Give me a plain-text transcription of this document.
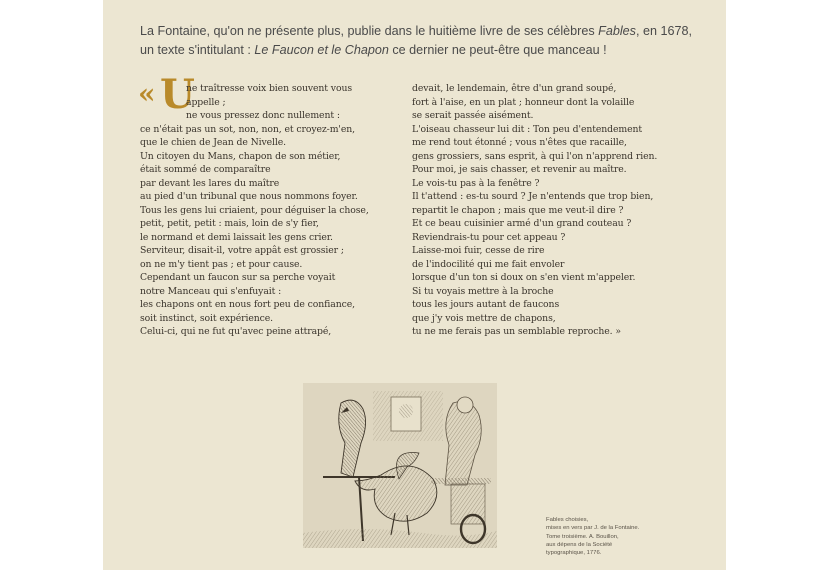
La Fontaine, qu'on ne présente plus, publie dans le huitième livre de ses célèbres Fables, en 1678, un texte s'intitulant : Le Faucon et le Chapon ce dernier ne peut-être que manceau !

« U
ne traîtresse voix bien souvent vous
appelle ;
ne vous pressez donc nullement :
ce n'était pas un sot, non, non, et croyez-m'en,
que le chien de Jean de Nivelle.
Un citoyen du Mans, chapon de son métier,
était sommé de comparaître
par devant les lares du maître
au pied d'un tribunal que nous nommons foyer.
Tous les gens lui criaient, pour déguiser la chose,
petit, petit, petit : mais, loin de s'y fier,
le normand et demi laissait les gens crier.
Serviteur, disait-il, votre appât est grossier ;
on ne m'y tient pas ; et pour cause.
Cependant un faucon sur sa perche voyait
notre Manceau qui s'enfuyait :
les chapons ont en nous fort peu de confiance,
soit instinct, soit expérience.
Celui-ci, qui ne fut qu'avec peine attrapé,
devait, le lendemain, être d'un grand soupé,
fort à l'aise, en un plat ; honneur dont la volaille
se serait passée aisément.
L'oiseau chasseur lui dit : Ton peu d'entendement
me rend tout étonné ; vous n'êtes que racaille,
gens grossiers, sans esprit, à qui l'on n'apprend rien.
Pour moi, je sais chasser, et revenir au maître.
Le vois-tu pas à la fenêtre ?
Il t'attend : es-tu sourd ? Je n'entends que trop bien,
repartit le chapon ; mais que me veut-il dire ?
Et ce beau cuisinier armé d'un grand couteau ?
Reviendrais-tu pour cet appeau ?
Laisse-moi fuir, cesse de rire
de l'indocilité qui me fait envoler
lorsque d'un ton si doux on s'en vient m'appeler.
Si tu voyais mettre à la broche
tous les jours autant de faucons
que j'y vois mettre de chapons,
tu ne me ferais pas un semblable reproche. »
Fables choisies,
mises en vers par J. de la Fontaine.
Tome troisième. A. Bouillon,
aux dépens de la Société
typographique, 1776.
